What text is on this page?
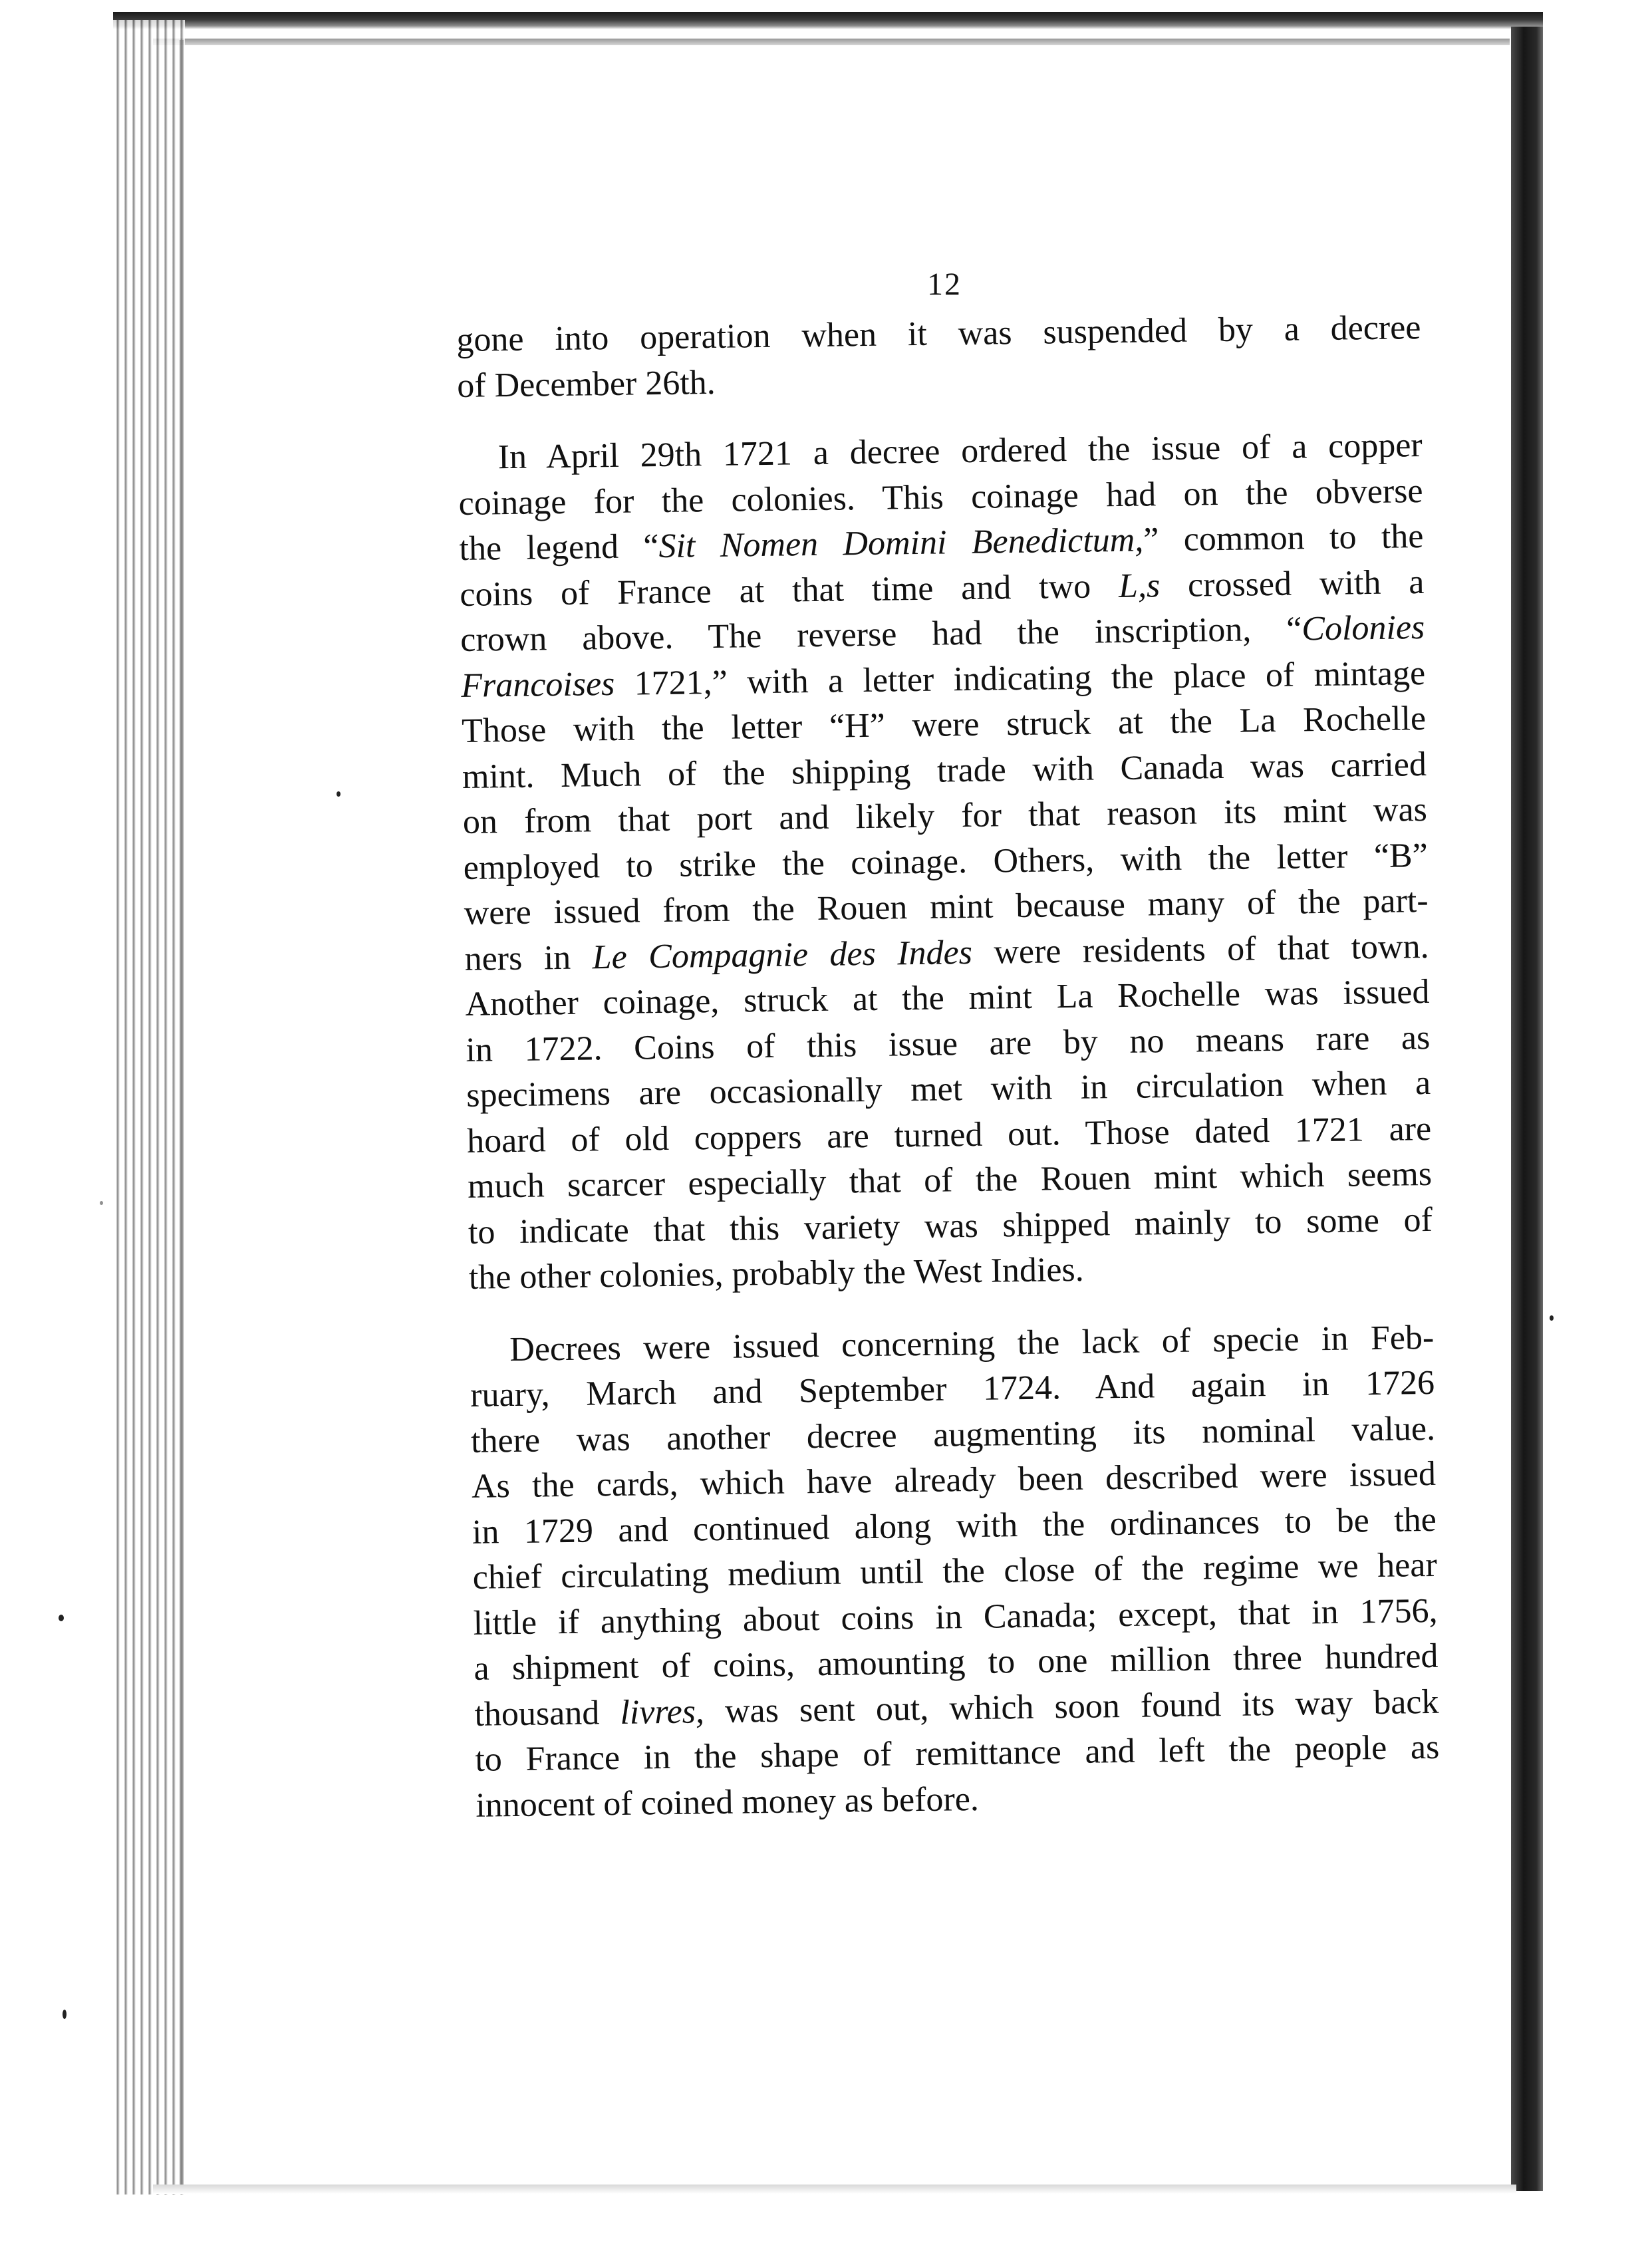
12
gone into operation when it was suspended by a decree
of December 26th.
In April 29th 1721 a decree ordered the issue of a copper
coinage for the colonies. This coinage had on the obverse
the legend “Sit Nomen Domini Benedictum,” common to the
coins of France at that time and two L,s crossed with a
crown above. The reverse had the inscription, “Colonies
Francoises 1721,” with a letter indicating the place of mintage
Those with the letter “H” were struck at the La Rochelle
mint. Much of the shipping trade with Canada was carried
on from that port and likely for that reason its mint was
employed to strike the coinage. Others, with the letter “B”
were issued from the Rouen mint because many of the part-
ners in Le Compagnie des Indes were residents of that town.
Another coinage, struck at the mint La Rochelle was issued
in 1722. Coins of this issue are by no means rare as
specimens are occasionally met with in circulation when a
hoard of old coppers are turned out. Those dated 1721 are
much scarcer especially that of the Rouen mint which seems
to indicate that this variety was shipped mainly to some of
the other colonies, probably the West Indies.
Decrees were issued concerning the lack of specie in Feb-
ruary, March and September 1724. And again in 1726
there was another decree augmenting its nominal value.
As the cards, which have already been described were issued
in 1729 and continued along with the ordinances to be the
chief circulating medium until the close of the regime we hear
little if anything about coins in Canada; except, that in 1756,
a shipment of coins, amounting to one million three hundred
thousand livres, was sent out, which soon found its way back
to France in the shape of remittance and left the people as
innocent of coined money as before.
